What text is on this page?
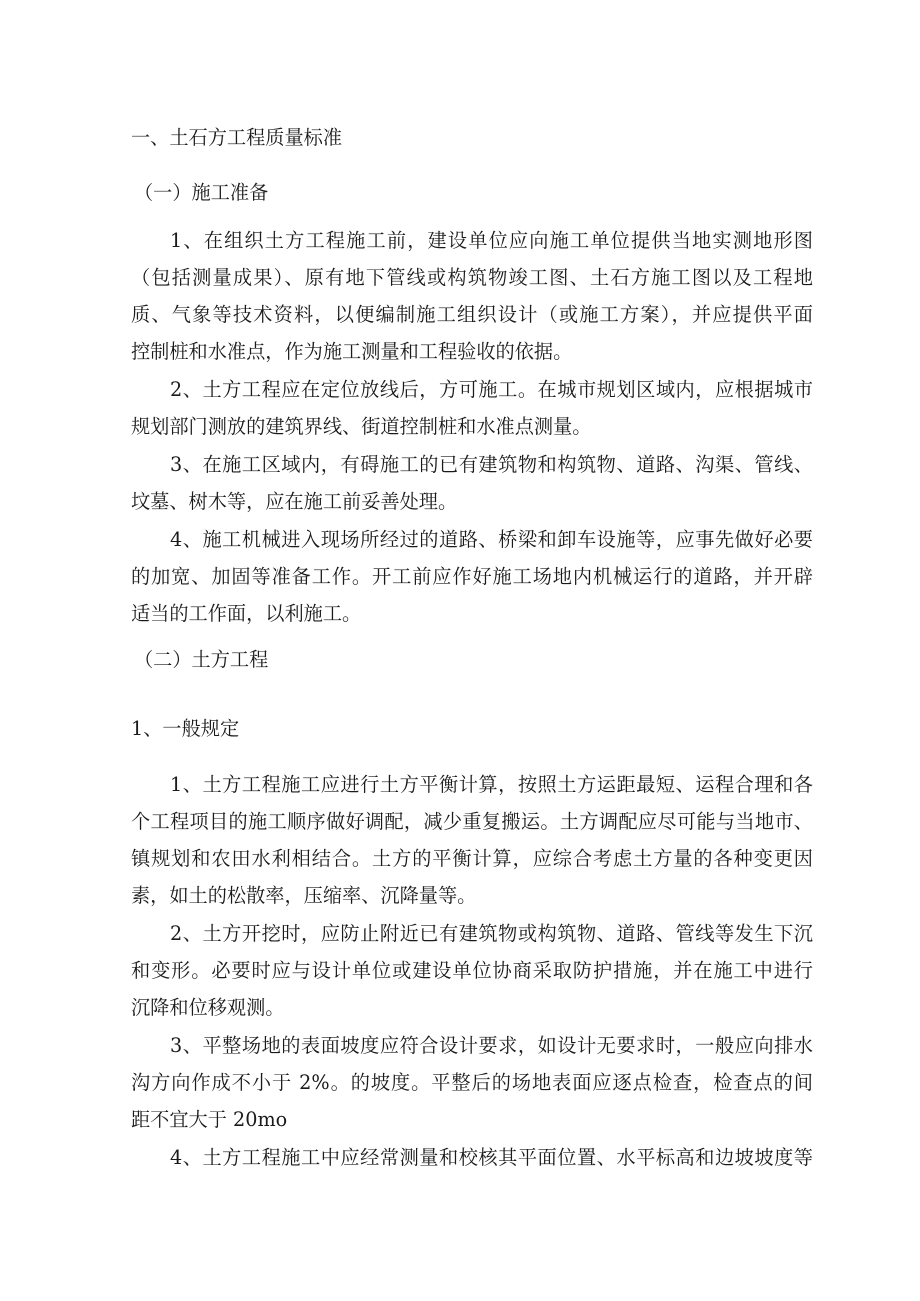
一、土石方工程质量标准
（一）施工准备
1、在组织土方工程施工前，建设单位应向施工单位提供当地实测地形图
（包括测量成果）、原有地下管线或构筑物竣工图、土石方施工图以及工程地
质、气象等技术资料，以便编制施工组织设计（或施工方案），并应提供平面
控制桩和水准点，作为施工测量和工程验收的依据。
2、土方工程应在定位放线后，方可施工。在城市规划区域内，应根据城市
规划部门测放的建筑界线、街道控制桩和水准点测量。
3、在施工区域内，有碍施工的已有建筑物和构筑物、道路、沟渠、管线、
坟墓、树木等，应在施工前妥善处理。
4、施工机械进入现场所经过的道路、桥梁和卸车设施等，应事先做好必要
的加宽、加固等准备工作。开工前应作好施工场地内机械运行的道路，并开辟
适当的工作面，以利施工。
（二）土方工程
1、一般规定
1、土方工程施工应进行土方平衡计算，按照土方运距最短、运程合理和各
个工程项目的施工顺序做好调配，减少重复搬运。土方调配应尽可能与当地市、
镇规划和农田水利相结合。土方的平衡计算，应综合考虑土方量的各种变更因
素，如土的松散率，压缩率、沉降量等。
2、土方开挖时，应防止附近已有建筑物或构筑物、道路、管线等发生下沉
和变形。必要时应与设计单位或建设单位协商采取防护措施，并在施工中进行
沉降和位移观测。
3、平整场地的表面坡度应符合设计要求，如设计无要求时，一般应向排水
沟方向作成不小于 2%。的坡度。平整后的场地表面应逐点检查，检查点的间
距不宜大于 20mo
4、土方工程施工中应经常测量和校核其平面位置、水平标高和边坡坡度等
